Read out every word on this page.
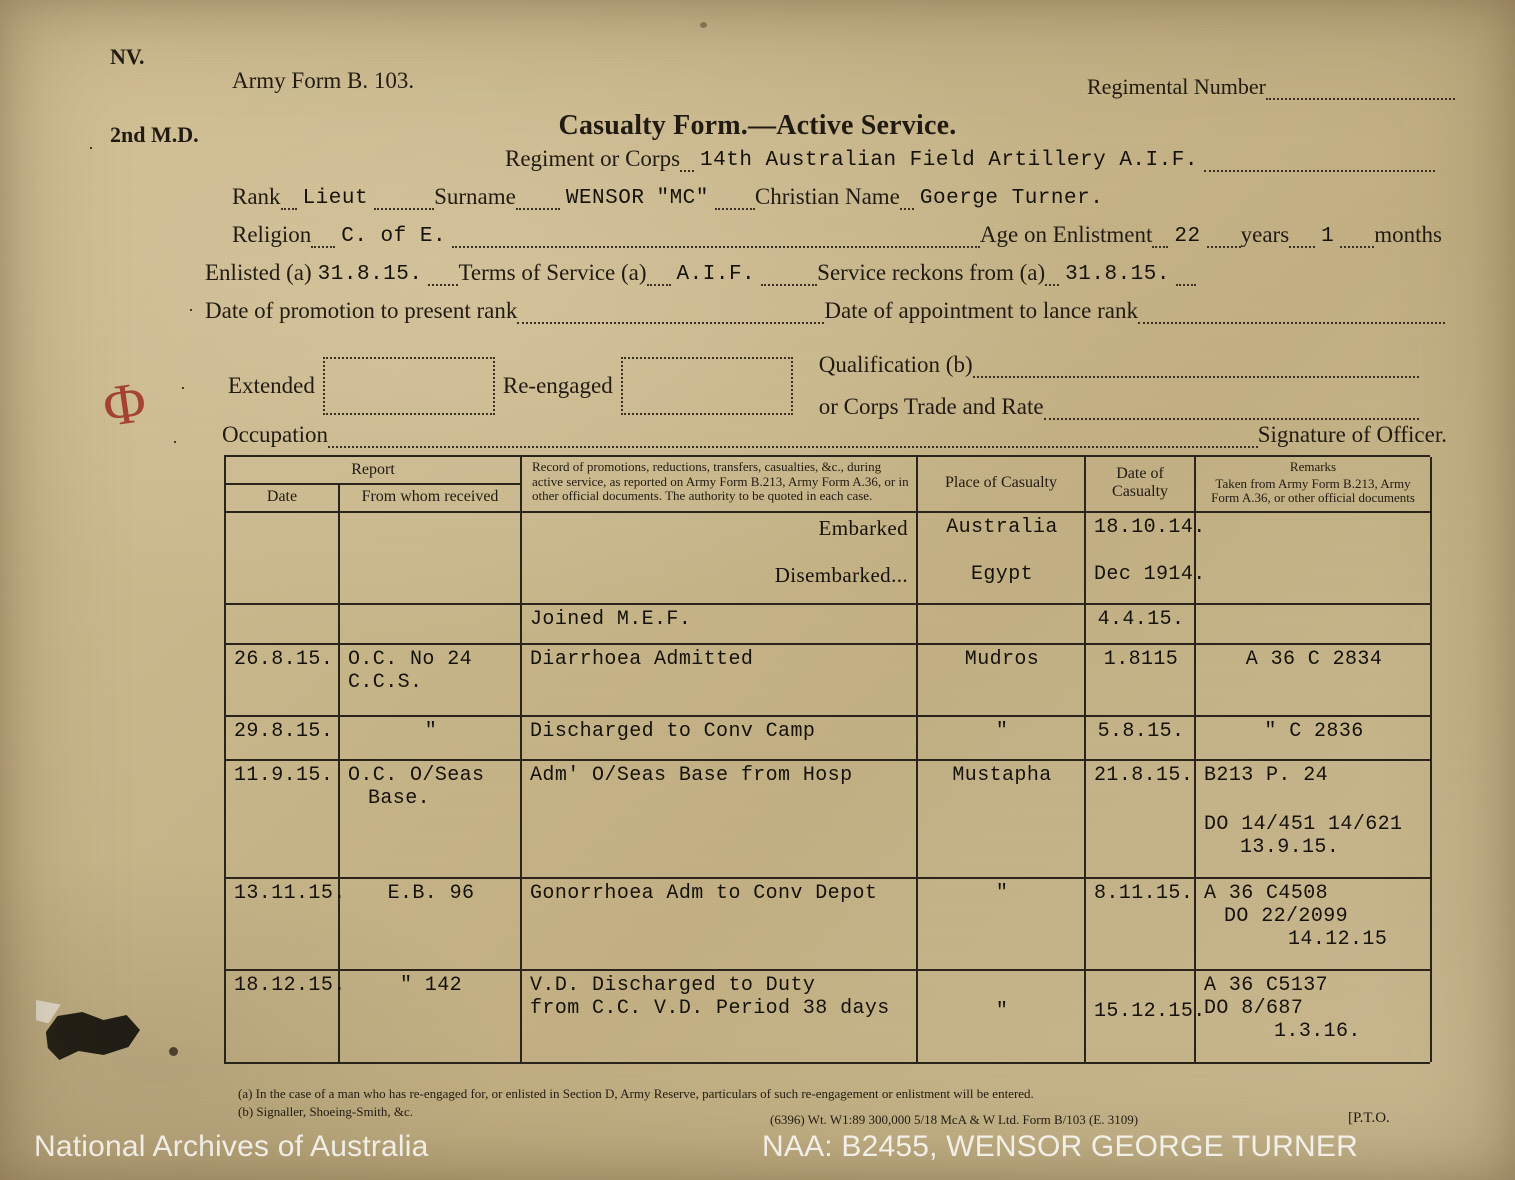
NV.
2nd M.D.
Army Form B. 103.	Regimental Number
Casualty Form.—Active Service.
Regiment or Corps 14th Australian Field Artillery A.I.F.
Rank Lieut	Surname WENSOR "MC" Christian Name Goerge Turner.
Religion C. of E.	Age on Enlistment 22 years 1 months
Enlisted (a) 31.8.15. Terms of Service (a) A.I.F.	Service reckons from (a) 31.8.15.
Date of promotion to present rank	Date of appointment to lance rank
Extended	Re-engaged
Qualification (b)
or Corps Trade and Rate
Occupation	Signature of Officer.
Φ
·
·
·
·
Report		Record of promotions, reductions, transfers, casualties, &c., during active service, as reported on Army Form B.213, Army Form A.36, or in other official documents. The authority to be quoted in each case.	Place of Casualty	Date of Casualty	Remarks
Taken from Army Form B.213, Army Form A.36, or other official documents

Date	From whom received				

		Embarked	Australia	18.10.14.	

		Disembarked...	Egypt	Dec 1914.	
		Joined M.E.F.		4.4.15.	
26.8.15.	O.C. No 24
C.C.S.	Diarrhoea Admitted	Mudros	1.8115	A 36 C 2834
29.8.15.	"	Discharged to Conv Camp	"	5.8.15.	" C 2836
11.9.15.	O.C. O/Seas
Base.	Adm' O/Seas Base from Hosp	Mustapha	21.8.15.	B213 P. 24
DO 14/451 14/621
13.9.15.

13.11.15.	E.B. 96	Gonorrhoea Adm to Conv Depot	"	8.11.15.	A 36 C4508
DO 22/2099
14.12.15

18.12.15.	" 142	V.D. Discharged to Duty
from C.C. V.D. Period 38 days	"	15.12.15.	A 36 C5137
DO 8/687
1.3.16.
(a) In the case of a man who has re-engaged for, or enlisted in Section D, Army Reserve, particulars of such re-engagement or enlistment will be entered.
(b) Signaller, Shoeing-Smith, &c.
(6396) Wt. W1:89 300,000 5/18 McA & W Ltd. Form B/103 (E. 3109)	[P.T.O.
National Archives of Australia	NAA: B2455, WENSOR GEORGE TURNER
